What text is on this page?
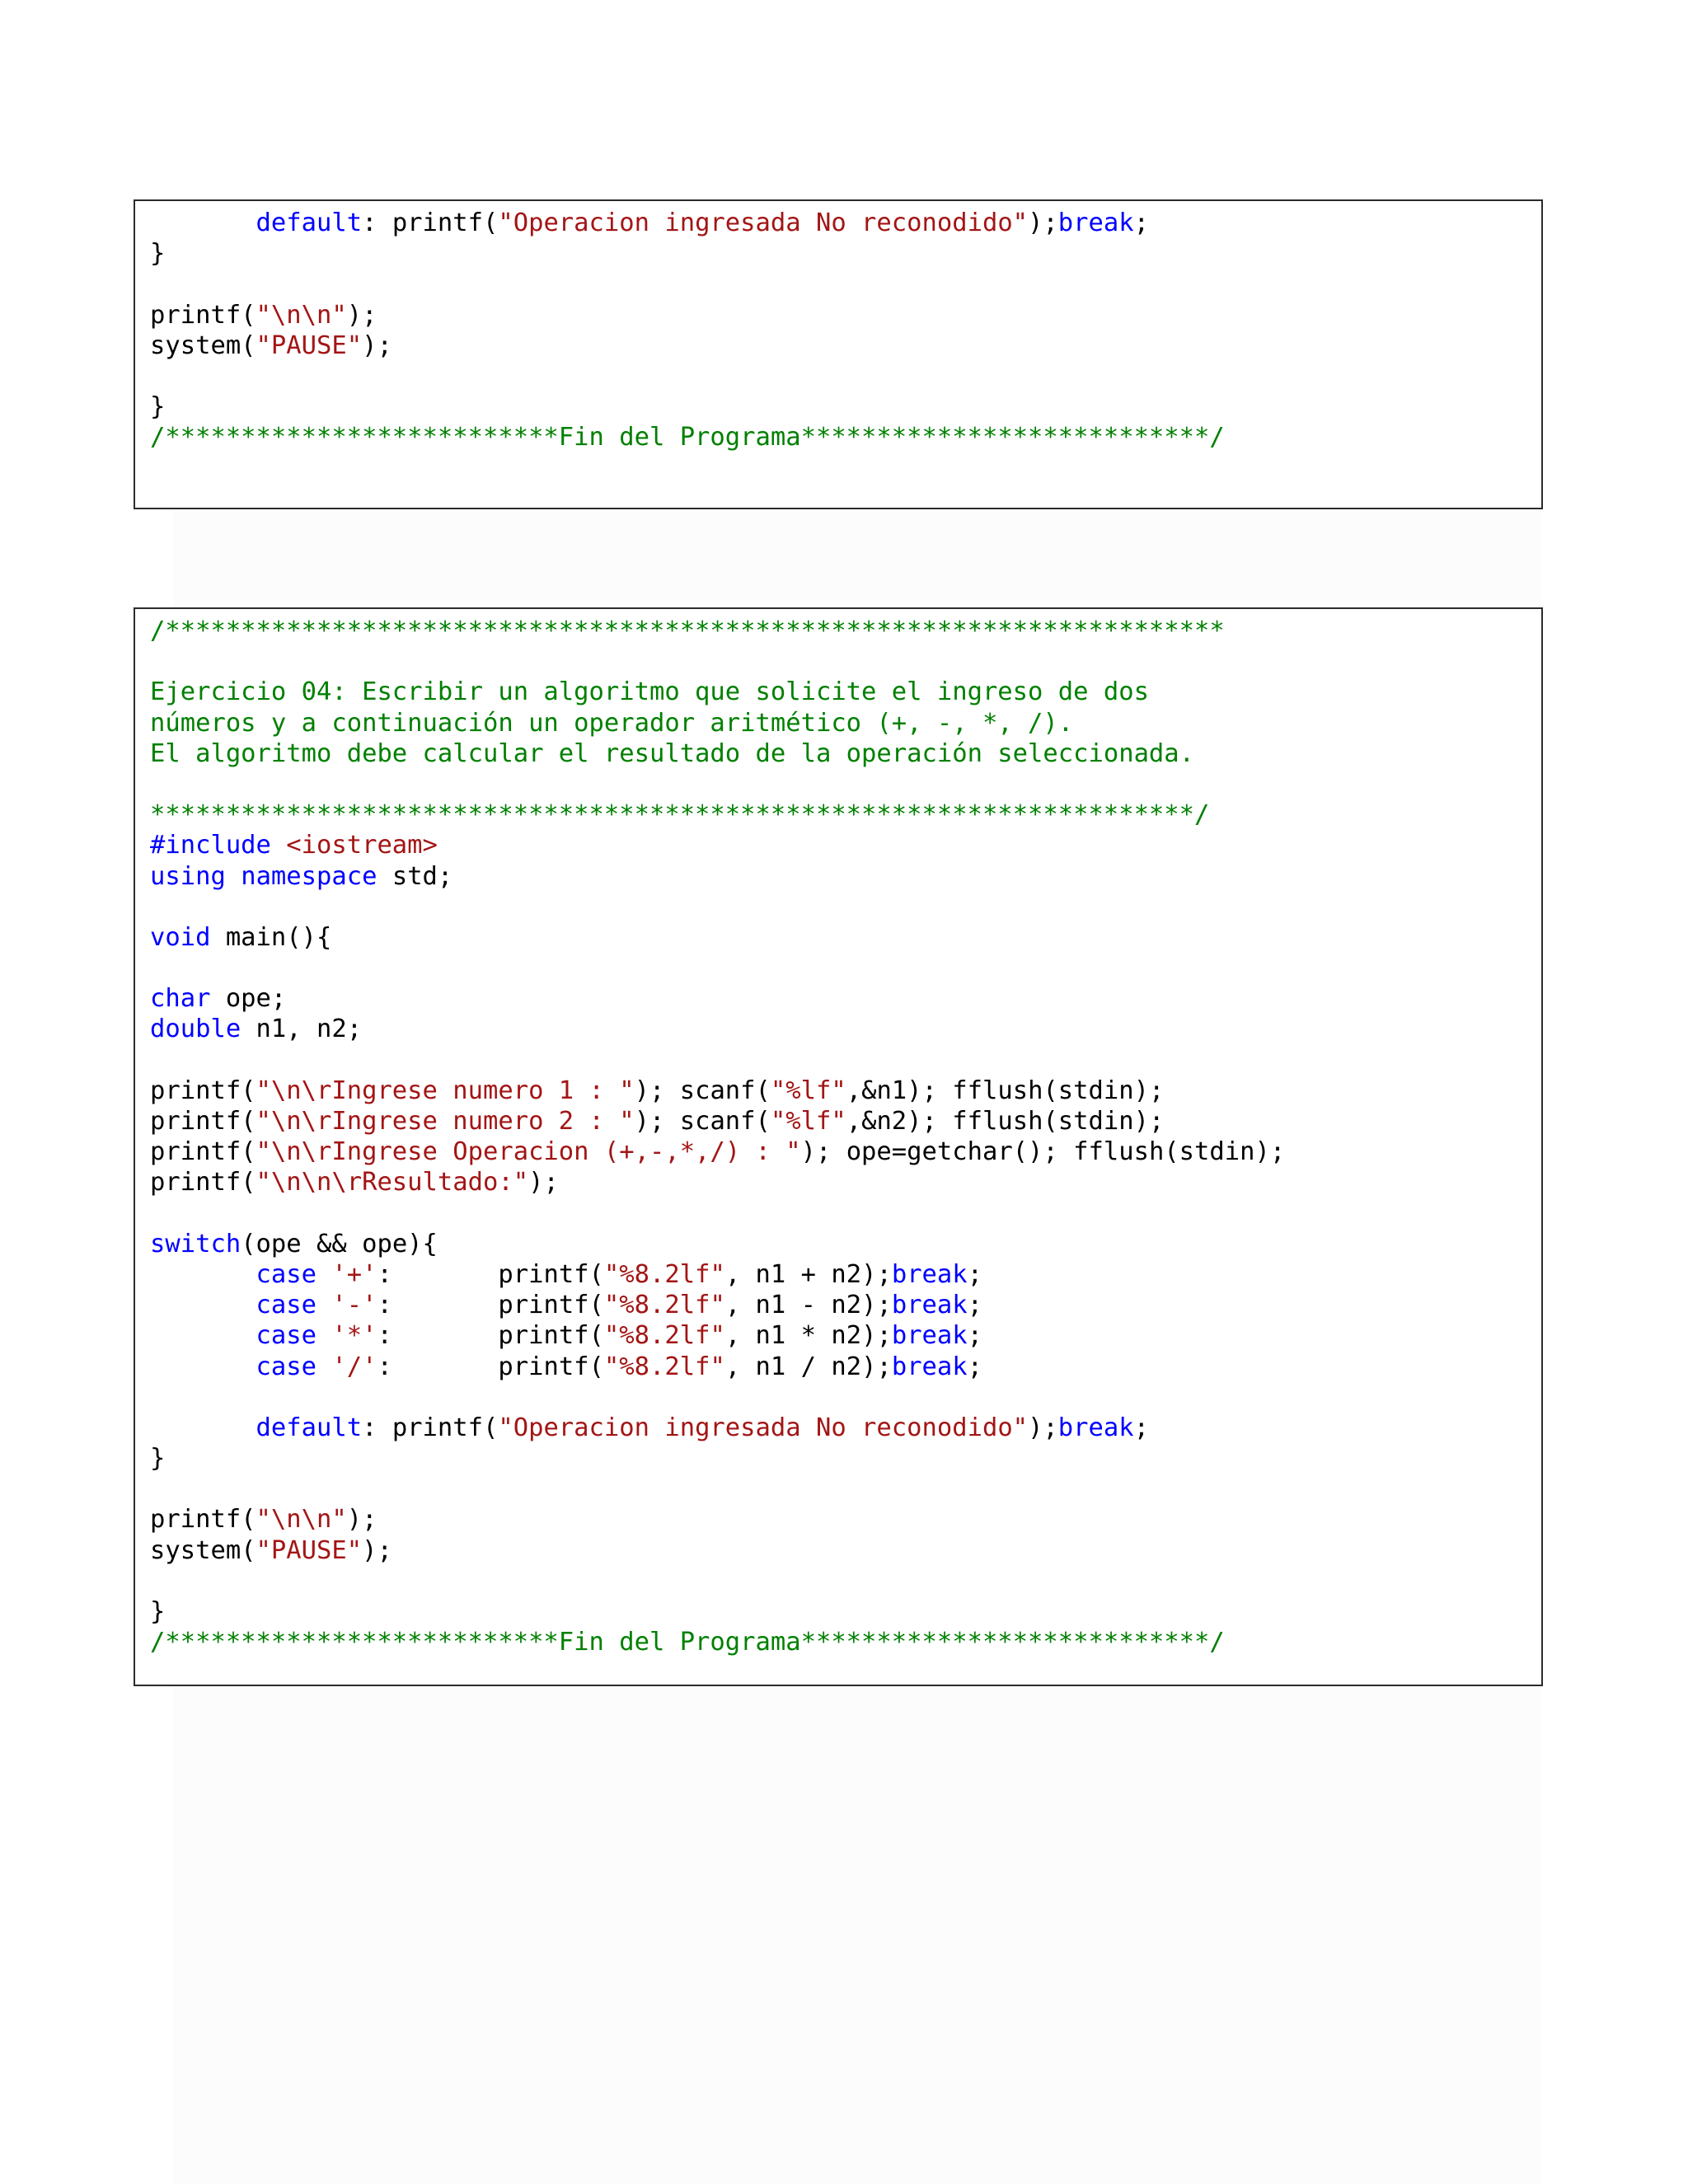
default: printf("Operacion ingresada No reconodido");break;
}

printf("\n\n");
system("PAUSE");

}
/**************************Fin del Programa***************************/
/**********************************************************************

Ejercicio 04: Escribir un algoritmo que solicite el ingreso de dos
números y a continuación un operador aritmético (+, -, *, /).
El algoritmo debe calcular el resultado de la operación seleccionada.

*********************************************************************/
#include <iostream>
using namespace std;

void main(){

char ope;
double n1, n2;

printf("\n\rIngrese numero 1 : "); scanf("%lf",&n1); fflush(stdin);
printf("\n\rIngrese numero 2 : "); scanf("%lf",&n2); fflush(stdin);
printf("\n\rIngrese Operacion (+,-,*,/) : "); ope=getchar(); fflush(stdin);
printf("\n\n\rResultado:");

switch(ope && ope){
case '+':       printf("%8.2lf", n1 + n2);break;
case '-':       printf("%8.2lf", n1 - n2);break;
case '*':       printf("%8.2lf", n1 * n2);break;
case '/':       printf("%8.2lf", n1 / n2);break;

default: printf("Operacion ingresada No reconodido");break;
}

printf("\n\n");
system("PAUSE");

}
/**************************Fin del Programa***************************/
